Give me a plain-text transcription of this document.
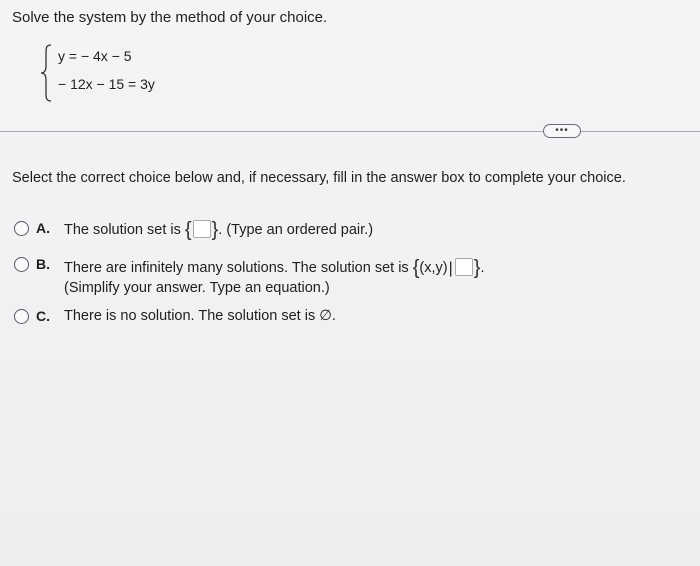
Solve the system by the method of your choice.
y = − 4x − 5
− 12x − 15 = 3y
•••
Select the correct choice below and, if necessary, fill in the answer box to complete your choice.
A. The solution set is { }. (Type an ordered pair.)
B. There are infinitely many solutions. The solution set is {(x,y)| }.
(Simplify your answer. Type an equation.)
C. There is no solution. The solution set is ∅.
